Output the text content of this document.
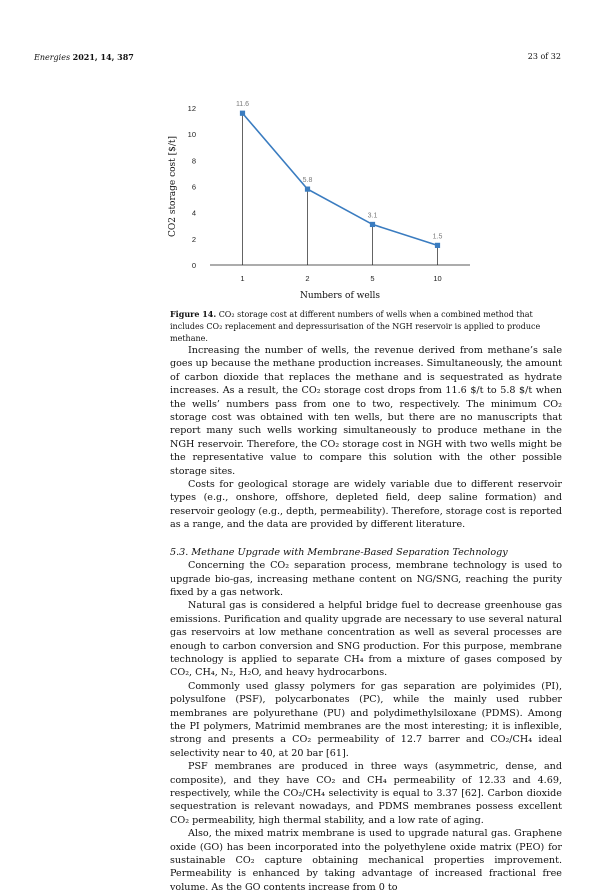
Energies 2021, 14, 387	23 of 32
0
2
4
6
8
10
12
1	2	5	10
11.6
5.8
3.1
1.5
Numbers of wells
CO2 storage cost [$/t]
Figure 14. CO₂ storage cost at different numbers of wells when a combined method that includes CO₂ replacement and depressurisation of the NGH reservoir is applied to produce methane.

Increasing the number of wells, the revenue derived from methane’s sale goes up because the methane production increases. Simultaneously, the amount of carbon dioxide that replaces the methane and is sequestrated as hydrate increases. As a result, the CO₂ storage cost drops from 11.6 $/t to 5.8 $/t when the wells’ numbers pass from one to two, respectively. The minimum CO₂ storage cost was obtained with ten wells, but there are no manuscripts that report many such wells working simultaneously to produce methane in the NGH reservoir. Therefore, the CO₂ storage cost in NGH with two wells might be the representative value to compare this solution with the other possible storage sites.

Costs for geological storage are widely variable due to different reservoir types (e.g., onshore, offshore, depleted field, deep saline formation) and reservoir geology (e.g., depth, permeability). Therefore, storage cost is reported as a range, and the data are provided by different literature.

5.3. Methane Upgrade with Membrane-Based Separation Technology

Concerning the CO₂ separation process, membrane technology is used to upgrade bio-gas, increasing methane content on NG/SNG, reaching the purity fixed by a gas network.

Natural gas is considered a helpful bridge fuel to decrease greenhouse gas emissions. Purification and quality upgrade are necessary to use several natural gas reservoirs at low methane concentration as well as several processes are enough to carbon conversion and SNG production. For this purpose, membrane technology is applied to separate CH₄ from a mixture of gases composed by CO₂, CH₄, N₂, H₂O, and heavy hydrocarbons.

Commonly used glassy polymers for gas separation are polyimides (PI), polysulfone (PSF), polycarbonates (PC), while the mainly used rubber membranes are polyurethane (PU) and polydimethylsiloxane (PDMS). Among the PI polymers, Matrimid membranes are the most interesting; it is inflexible, strong and presents a CO₂ permeability of 12.7 barrer and CO₂/CH₄ ideal selectivity near to 40, at 20 bar [61].

PSF membranes are produced in three ways (asymmetric, dense, and composite), and they have CO₂ and CH₄ permeability of 12.33 and 4.69, respectively, while the CO₂/CH₄ selectivity is equal to 3.37 [62]. Carbon dioxide sequestration is relevant nowadays, and PDMS membranes possess excellent CO₂ permeability, high thermal stability, and a low rate of aging.

Also, the mixed matrix membrane is used to upgrade natural gas. Graphene oxide (GO) has been incorporated into the polyethylene oxide matrix (PEO) for sustainable CO₂ capture obtaining mechanical properties improvement. Permeability is enhanced by taking advantage of increased fractional free volume. As the GO contents increase from 0 to
